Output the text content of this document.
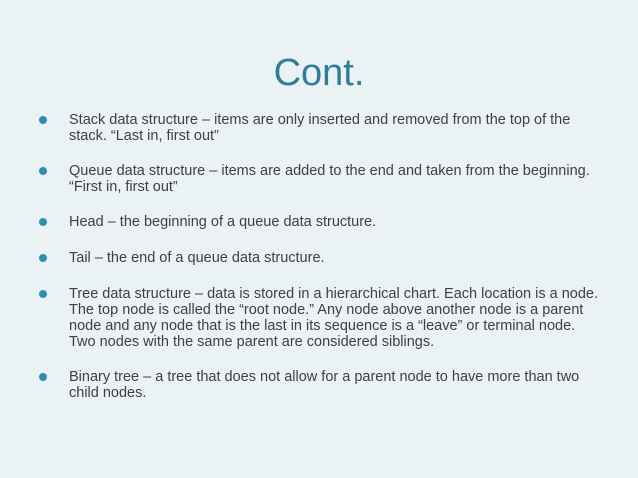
Cont.
Stack data structure – items are only inserted and removed from the top of the stack. “Last in, first out”
Queue data structure – items are added to the end and taken from the beginning. “First in, first out”
Head – the beginning of a queue data structure.
Tail – the end of a queue data structure.
Tree data structure – data is stored in a hierarchical chart. Each location is a node. The top node is called the “root node.” Any node above another node is a parent node and any node that is the last in its sequence is a “leave” or terminal node. Two nodes with the same parent are considered siblings.
Binary tree – a tree that does not allow for a parent node to have more than two child nodes.
